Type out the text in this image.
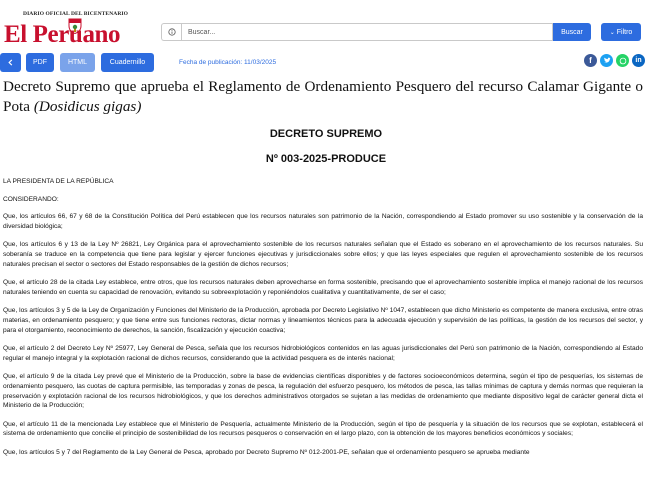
DIARIO OFICIAL DEL BICENTENARIO
El Peruano
Buscar...	Buscar	⌄ Filtro
PDF	HTML	Cuadernillo	Fecha de publicación: 11/03/2025	f	in
Decreto Supremo que aprueba el Reglamento de Ordenamiento Pesquero del recurso Calamar Gigante o Pota (Dosidicus gigas)
DECRETO SUPREMO
Nº 003-2025-PRODUCE

LA PRESIDENTA DE LA REPÚBLICA

CONSIDERANDO:

Que, los artículos 66, 67 y 68 de la Constitución Política del Perú establecen que los recursos naturales son patrimonio de la Nación, correspondiendo al Estado promover su uso sostenible y la conservación de la diversidad biológica;

Que, los artículos 6 y 13 de la Ley Nº 26821, Ley Orgánica para el aprovechamiento sostenible de los recursos naturales señalan que el Estado es soberano en el aprovechamiento de los recursos naturales. Su soberanía se traduce en la competencia que tiene para legislar y ejercer funciones ejecutivas y jurisdiccionales sobre ellos; y que las leyes especiales que regulen el aprovechamiento sostenible de los recursos naturales precisan el sector o sectores del Estado responsables de la gestión de dichos recursos;

Que, el artículo 28 de la citada Ley establece, entre otros, que los recursos naturales deben aprovecharse en forma sostenible, precisando que el aprovechamiento sostenible implica el manejo racional de los recursos naturales teniendo en cuenta su capacidad de renovación, evitando su sobreexplotación y reponiéndolos cualitativa y cuantitativamente, de ser el caso;

Que, los artículos 3 y 5 de la Ley de Organización y Funciones del Ministerio de la Producción, aprobada por Decreto Legislativo Nº 1047, establecen que dicho Ministerio es competente de manera exclusiva, entre otras materias, en ordenamiento pesquero; y que tiene entre sus funciones rectoras, dictar normas y lineamientos técnicos para la adecuada ejecución y supervisión de las políticas, la gestión de los recursos del sector, y para el otorgamiento, reconocimiento de derechos, la sanción, fiscalización y ejecución coactiva;

Que, el artículo 2 del Decreto Ley Nº 25977, Ley General de Pesca, señala que los recursos hidrobiológicos contenidos en las aguas jurisdiccionales del Perú son patrimonio de la Nación, correspondiendo al Estado regular el manejo integral y la explotación racional de dichos recursos, considerando que la actividad pesquera es de interés nacional;

Que, el artículo 9 de la citada Ley prevé que el Ministerio de la Producción, sobre la base de evidencias científicas disponibles y de factores socioeconómicos determina, según el tipo de pesquerías, los sistemas de ordenamiento pesquero, las cuotas de captura permisible, las temporadas y zonas de pesca, la regulación del esfuerzo pesquero, los métodos de pesca, las tallas mínimas de captura y demás normas que requieran la preservación y explotación racional de los recursos hidrobiológicos, y que los derechos administrativos otorgados se sujetan a las medidas de ordenamiento que mediante dispositivo legal de carácter general dicta el Ministerio de la Producción;

Que, el artículo 11 de la mencionada Ley establece que el Ministerio de Pesquería, actualmente Ministerio de la Producción, según el tipo de pesquería y la situación de los recursos que se explotan, establecerá el sistema de ordenamiento que concilie el principio de sostenibilidad de los recursos pesqueros o conservación en el largo plazo, con la obtención de los mayores beneficios económicos y sociales;

Que, los artículos 5 y 7 del Reglamento de la Ley General de Pesca, aprobado por Decreto Supremo Nº 012-2001-PE, señalan que el ordenamiento pesquero se aprueba mediante
